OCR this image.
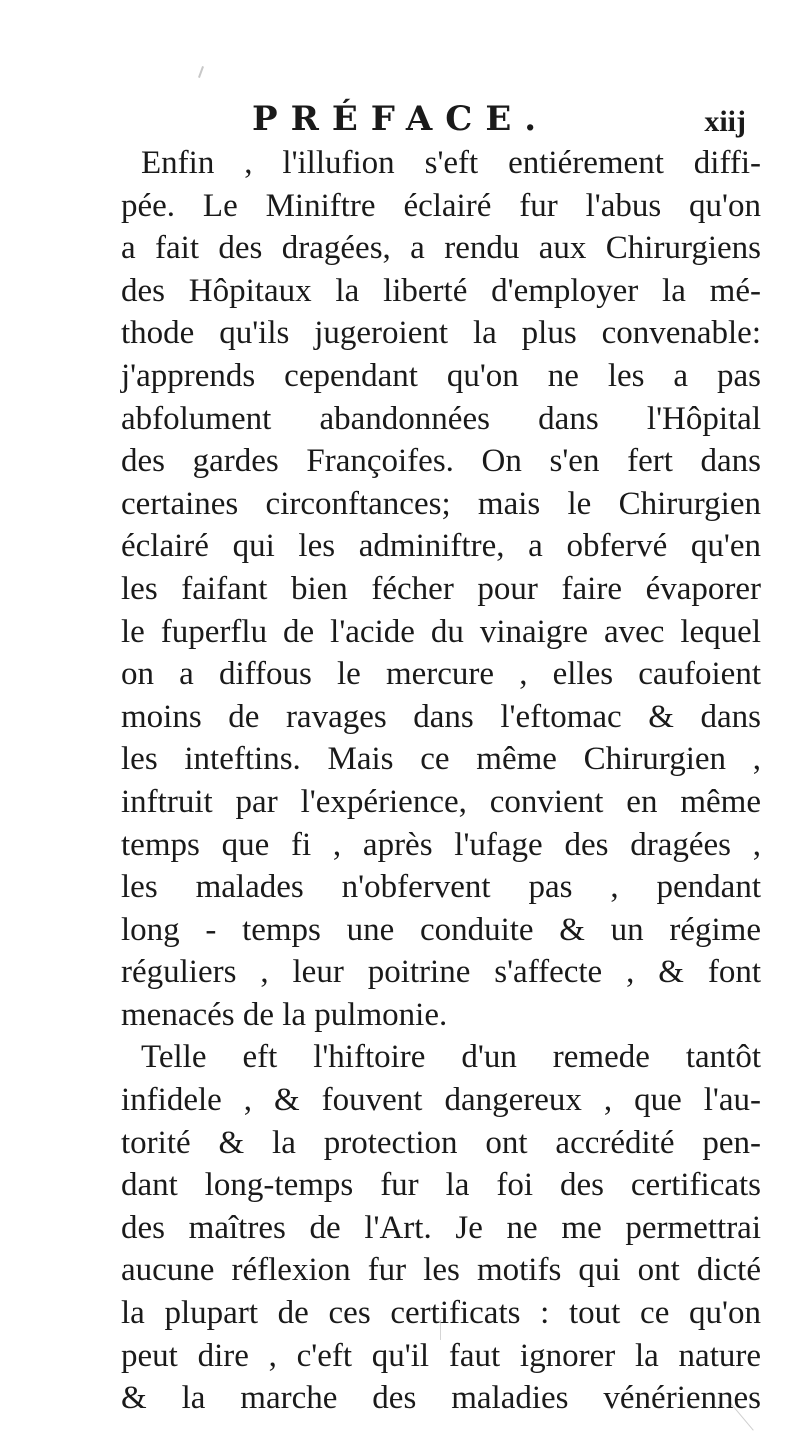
PRÉFACE.	xiij
Enfin , l'illufion s'eft entiérement diffi-
pée. Le Miniftre éclairé fur l'abus qu'on
a fait des dragées, a rendu aux Chirurgiens
des Hôpitaux la liberté d'employer la mé-
thode qu'ils jugeroient la plus convenable:
j'apprends cependant qu'on ne les a pas
abfolument abandonnées dans l'Hôpital
des gardes Françoifes. On s'en fert dans
certaines circonftances; mais le Chirurgien
éclairé qui les adminiftre, a obfervé qu'en
les faifant bien fécher pour faire évaporer
le fuperflu de l'acide du vinaigre avec lequel
on a diffous le mercure , elles caufoient
moins de ravages dans l'eftomac & dans
les inteftins. Mais ce même Chirurgien ,
inftruit par l'expérience, convient en même
temps que fi , après l'ufage des dragées ,
les malades n'obfervent pas , pendant
long - temps une conduite & un régime
réguliers , leur poitrine s'affecte , & font
menacés de la pulmonie.
Telle eft l'hiftoire d'un remede tantôt
infidele , & fouvent dangereux , que l'au-
torité & la protection ont accrédité pen-
dant long-temps fur la foi des certificats
des maîtres de l'Art. Je ne me permettrai
aucune réflexion fur les motifs qui ont dicté
la plupart de ces certificats : tout ce qu'on
peut dire , c'eft qu'il faut ignorer la nature
& la marche des maladies vénériennes
